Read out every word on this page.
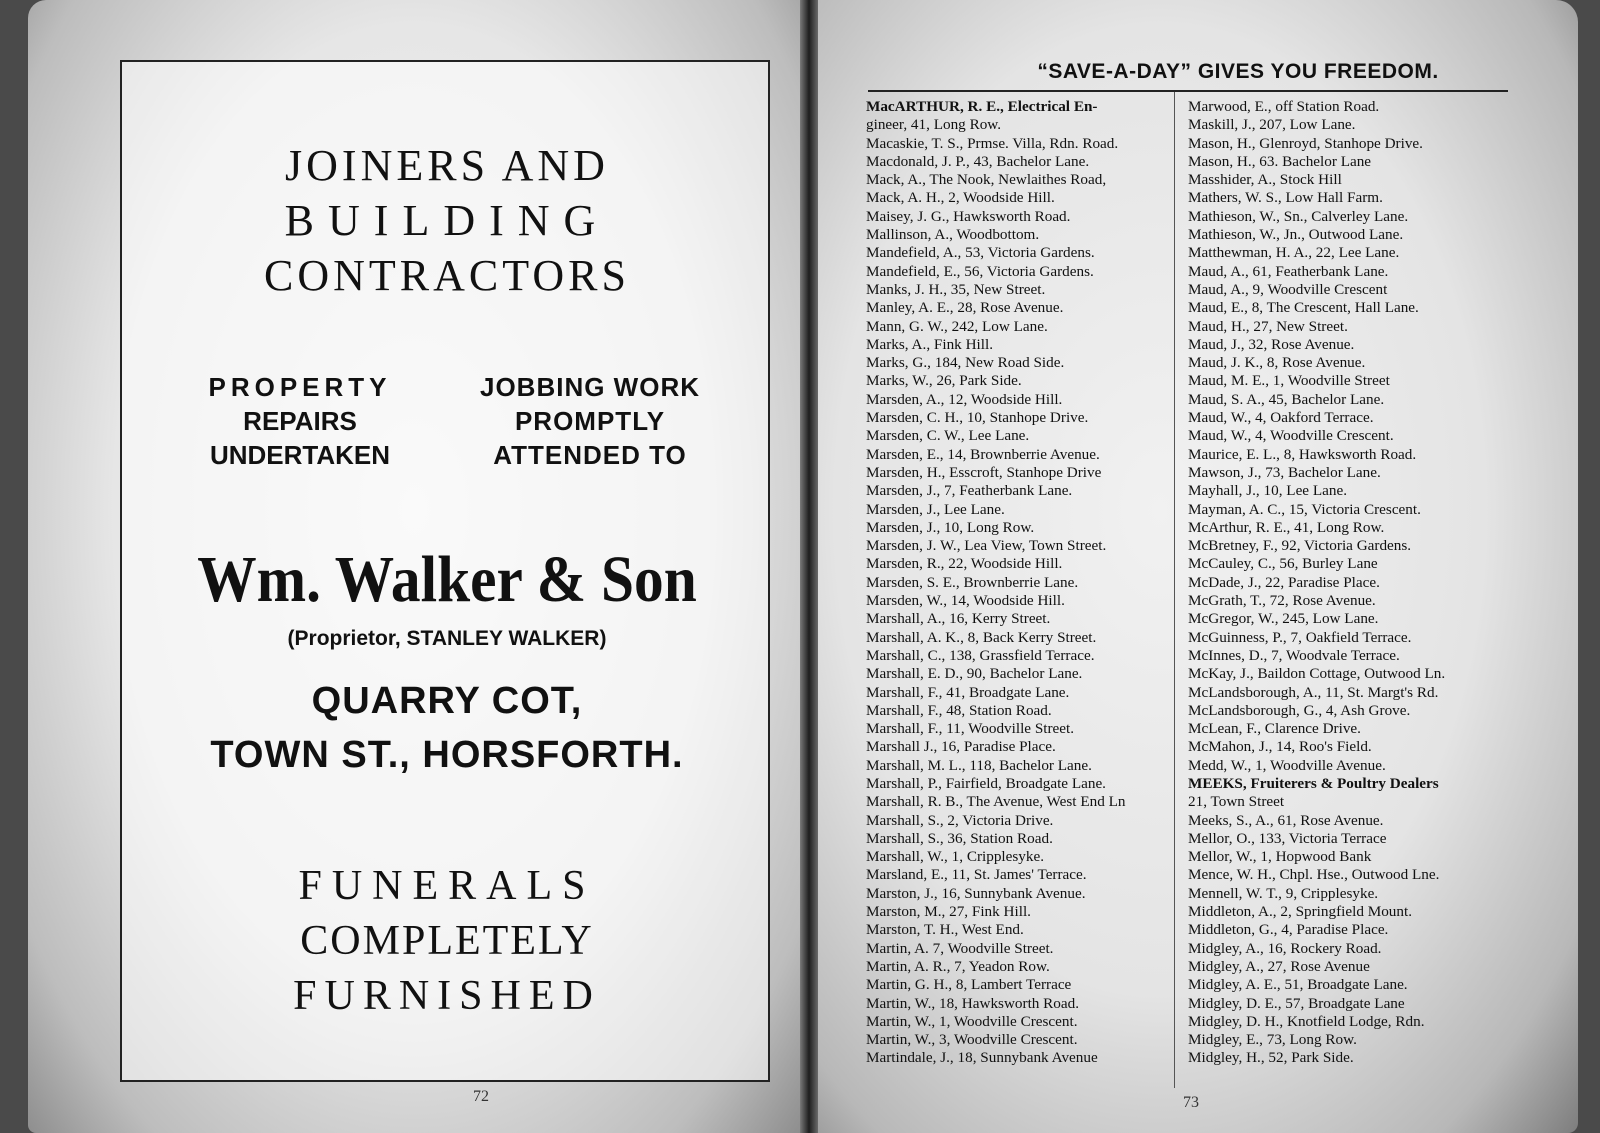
JOINERS AND
BUILDING
CONTRACTORS
PROPERTY
REPAIRS
UNDERTAKEN
JOBBING WORK
PROMPTLY
ATTENDED TO
Wm. Walker & Son
(Proprietor, STANLEY WALKER)
QUARRY COT,
TOWN ST., HORSFORTH.
FUNERALS
COMPLETELY
FURNISHED
72
“SAVE-A-DAY” GIVES YOU FREEDOM.
MacARTHUR, R. E., Electrical En-
gineer, 41, Long Row.
Macaskie, T. S., Prmse. Villa, Rdn. Road.
Macdonald, J. P., 43, Bachelor Lane.
Mack, A., The Nook, Newlaithes Road,
Mack, A. H., 2, Woodside Hill.
Maisey, J. G., Hawksworth Road.
Mallinson, A., Woodbottom.
Mandefield, A., 53, Victoria Gardens.
Mandefield, E., 56, Victoria Gardens.
Manks, J. H., 35, New Street.
Manley, A. E., 28, Rose Avenue.
Mann, G. W., 242, Low Lane.
Marks, A., Fink Hill.
Marks, G., 184, New Road Side.
Marks, W., 26, Park Side.
Marsden, A., 12, Woodside Hill.
Marsden, C. H., 10, Stanhope Drive.
Marsden, C. W., Lee Lane.
Marsden, E., 14, Brownberrie Avenue.
Marsden, H., Esscroft, Stanhope Drive
Marsden, J., 7, Featherbank Lane.
Marsden, J., Lee Lane.
Marsden, J., 10, Long Row.
Marsden, J. W., Lea View, Town Street.
Marsden, R., 22, Woodside Hill.
Marsden, S. E., Brownberrie Lane.
Marsden, W., 14, Woodside Hill.
Marshall, A., 16, Kerry Street.
Marshall, A. K., 8, Back Kerry Street.
Marshall, C., 138, Grassfield Terrace.
Marshall, E. D., 90, Bachelor Lane.
Marshall, F., 41, Broadgate Lane.
Marshall, F., 48, Station Road.
Marshall, F., 11, Woodville Street.
Marshall J., 16, Paradise Place.
Marshall, M. L., 118, Bachelor Lane.
Marshall, P., Fairfield, Broadgate Lane.
Marshall, R. B., The Avenue, West End Ln
Marshall, S., 2, Victoria Drive.
Marshall, S., 36, Station Road.
Marshall, W., 1, Cripplesyke.
Marsland, E., 11, St. James' Terrace.
Marston, J., 16, Sunnybank Avenue.
Marston, M., 27, Fink Hill.
Marston, T. H., West End.
Martin, A. 7, Woodville Street.
Martin, A. R., 7, Yeadon Row.
Martin, G. H., 8, Lambert Terrace
Martin, W., 18, Hawksworth Road.
Martin, W., 1, Woodville Crescent.
Martin, W., 3, Woodville Crescent.
Martindale, J., 18, Sunnybank Avenue
Marwood, E., off Station Road.
Maskill, J., 207, Low Lane.
Mason, H., Glenroyd, Stanhope Drive.
Mason, H., 63. Bachelor Lane
Masshider, A., Stock Hill
Mathers, W. S., Low Hall Farm.
Mathieson, W., Sn., Calverley Lane.
Mathieson, W., Jn., Outwood Lane.
Matthewman, H. A., 22, Lee Lane.
Maud, A., 61, Featherbank Lane.
Maud, A., 9, Woodville Crescent
Maud, E., 8, The Crescent, Hall Lane.
Maud, H., 27, New Street.
Maud, J., 32, Rose Avenue.
Maud, J. K., 8, Rose Avenue.
Maud, M. E., 1, Woodville Street
Maud, S. A., 45, Bachelor Lane.
Maud, W., 4, Oakford Terrace.
Maud, W., 4, Woodville Crescent.
Maurice, E. L., 8, Hawksworth Road.
Mawson, J., 73, Bachelor Lane.
Mayhall, J., 10, Lee Lane.
Mayman, A. C., 15, Victoria Crescent.
McArthur, R. E., 41, Long Row.
McBretney, F., 92, Victoria Gardens.
McCauley, C., 56, Burley Lane
McDade, J., 22, Paradise Place.
McGrath, T., 72, Rose Avenue.
McGregor, W., 245, Low Lane.
McGuinness, P., 7, Oakfield Terrace.
McInnes, D., 7, Woodvale Terrace.
McKay, J., Baildon Cottage, Outwood Ln.
McLandsborough, A., 11, St. Margt's Rd.
McLandsborough, G., 4, Ash Grove.
McLean, F., Clarence Drive.
McMahon, J., 14, Roo's Field.
Medd, W., 1, Woodville Avenue.
MEEKS, Fruiterers & Poultry Dealers
21, Town Street
Meeks, S., A., 61, Rose Avenue.
Mellor, O., 133, Victoria Terrace
Mellor, W., 1, Hopwood Bank
Mence, W. H., Chpl. Hse., Outwood Lne.
Mennell, W. T., 9, Cripplesyke.
Middleton, A., 2, Springfield Mount.
Middleton, G., 4, Paradise Place.
Midgley, A., 16, Rockery Road.
Midgley, A., 27, Rose Avenue
Midgley, A. E., 51, Broadgate Lane.
Midgley, D. E., 57, Broadgate Lane
Midgley, D. H., Knotfield Lodge, Rdn.
Midgley, E., 73, Long Row.
Midgley, H., 52, Park Side.
73
